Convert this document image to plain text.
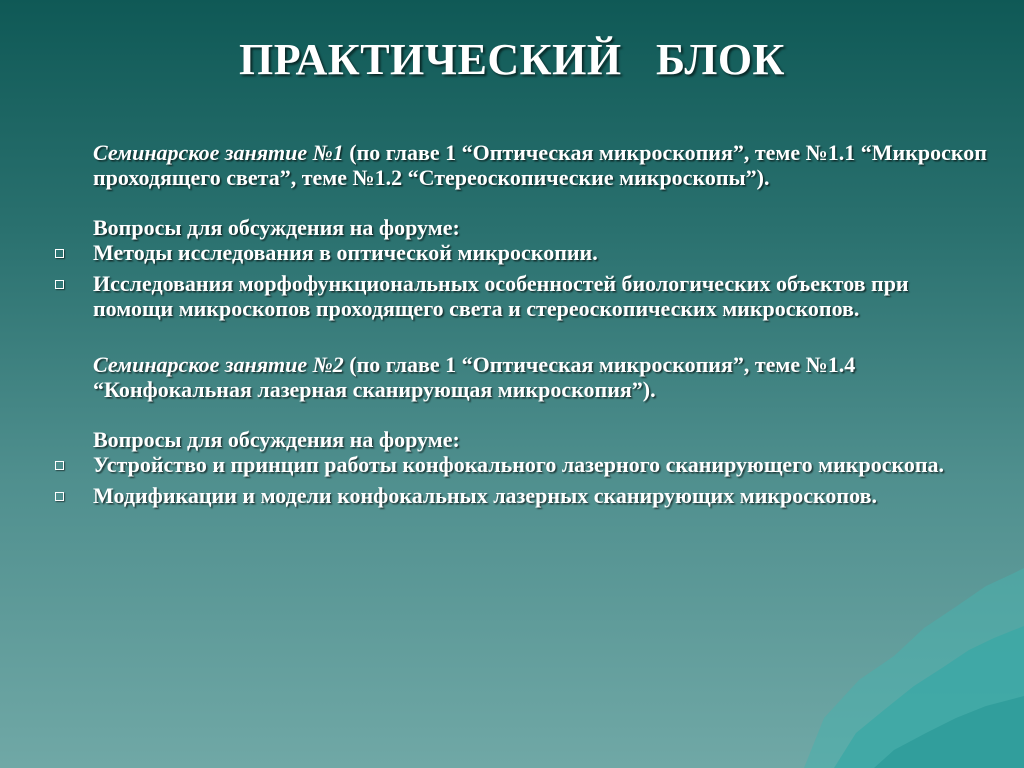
ПРАКТИЧЕСКИЙ   БЛОК

Семинарское занятие №1 (по главе 1 “Оптическая микроскопия”, теме №1.1 “Микроскоп проходящего света”, теме №1.2 “Стереоскопические микроскопы”).

Вопросы для обсуждения на форуме:

Методы исследования в оптической микроскопии.
Исследования морфофункциональных особенностей биологических объектов при помощи микроскопов проходящего света и стереоскопических микроскопов.

Семинарское занятие №2 (по главе 1 “Оптическая микроскопия”, теме №1.4 “Конфокальная лазерная сканирующая микроскопия”).

Вопросы для обсуждения на форуме:

Устройство и принцип работы конфокального лазерного сканирующего микроскопа.
Модификации и модели конфокальных лазерных сканирующих микроскопов.
